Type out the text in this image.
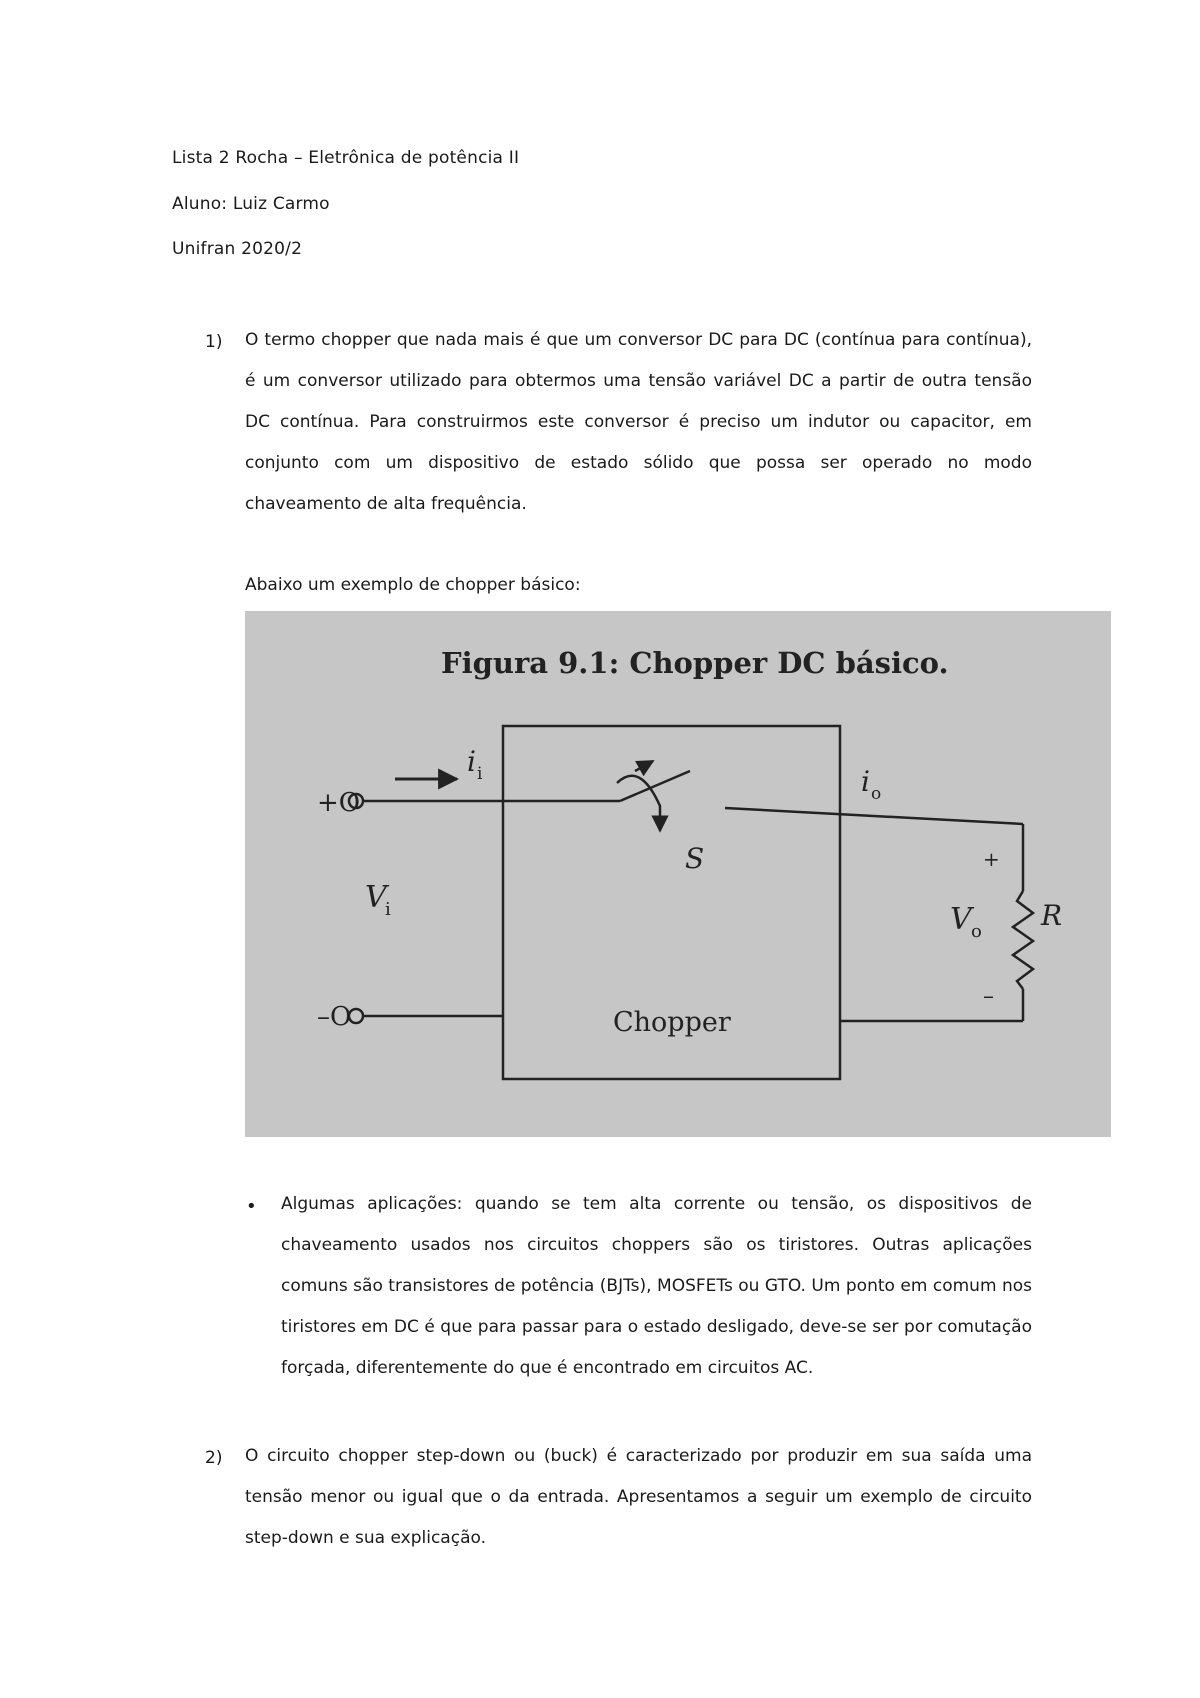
Lista 2 Rocha – Eletrônica de potência II
Aluno: Luiz Carmo
Unifran 2020/2
1) O termo chopper que nada mais é que um conversor DC para DC (contínua para contínua), é um conversor utilizado para obtermos uma tensão variável DC a partir de outra tensão DC contínua. Para construirmos este conversor é preciso um indutor ou capacitor, em conjunto com um dispositivo de estado sólido que possa ser operado no modo chaveamento de alta frequência.
Abaixo um exemplo de chopper básico:
Figura 9.1: Chopper DC básico.
+O
–O
V
i
i i	i o
S	+
–
V o R
Chopper
• Algumas aplicações: quando se tem alta corrente ou tensão, os dispositivos de chaveamento usados nos circuitos choppers são os tiristores. Outras aplicações comuns são transistores de potência (BJTs), MOSFETs ou GTO. Um ponto em comum nos tiristores em DC é que para passar para o estado desligado, deve-se ser por comutação forçada, diferentemente do que é encontrado em circuitos AC.
2) O circuito chopper step-down ou (buck) é caracterizado por produzir em sua saída uma tensão menor ou igual que o da entrada. Apresentamos a seguir um exemplo de circuito step-down e sua explicação.
